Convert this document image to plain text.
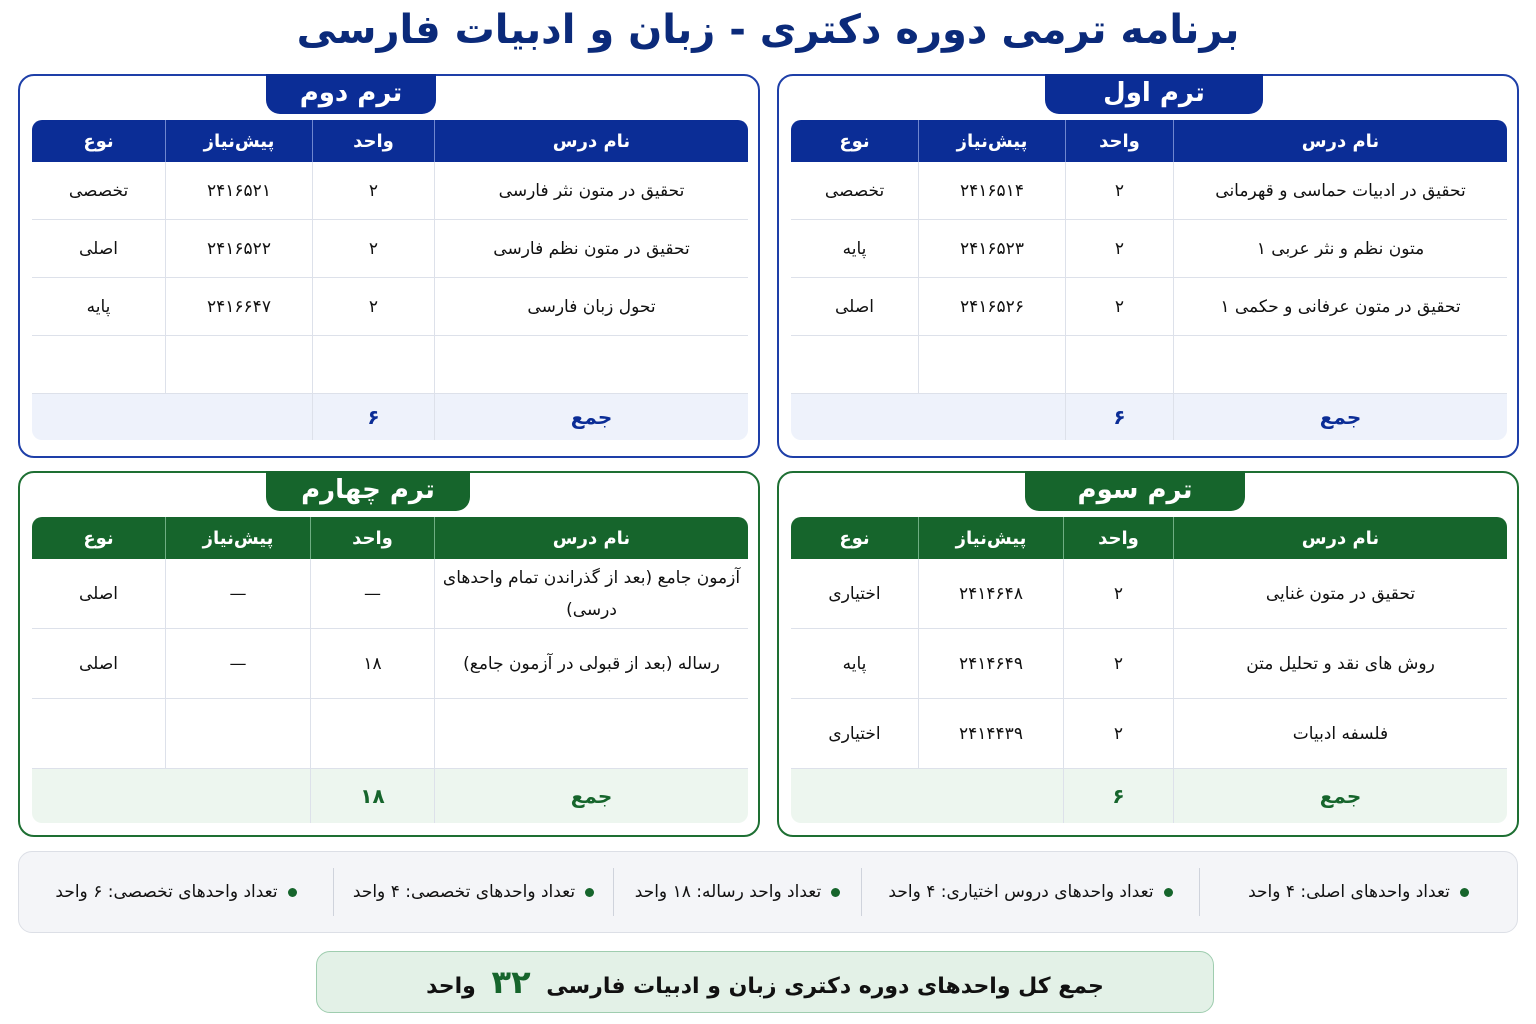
برنامه ترمی دوره دکتری - زبان و ادبیات فارسی
ترم اول
نام درس	واحد	پیش‌نیاز	نوع
تحقیق در ادبیات حماسی و قهرمانی	۲	۲۴۱۶۵۱۴	تخصصی
متون نظم و نثر عربی ۱	۲	۲۴۱۶۵۲۳	پایه
تحقیق در متون عرفانی و حکمی ۱	۲	۲۴۱۶۵۲۶	اصلی

جمع	۶		
ترم دوم
نام درس	واحد	پیش‌نیاز	نوع
تحقیق در متون نثر فارسی	۲	۲۴۱۶۵۲۱	تخصصی
تحقیق در متون نظم فارسی	۲	۲۴۱۶۵۲۲	اصلی
تحول زبان فارسی	۲	۲۴۱۶۶۴۷	پایه

جمع	۶		
ترم سوم
نام درس	واحد	پیش‌نیاز	نوع
تحقیق در متون غنایی	۲	۲۴۱۴۶۴۸	اختیاری
روش های نقد و تحلیل متن	۲	۲۴۱۴۶۴۹	پایه
فلسفه ادبیات	۲	۲۴۱۴۴۳۹	اختیاری
جمع	۶		
ترم چهارم
نام درس	واحد	پیش‌نیاز	نوع
آزمون جامع (بعد از گذراندن تمام واحدهای درسی)	—	—	اصلی
رساله (بعد از قبولی در آزمون جامع)	۱۸	—	اصلی

جمع	۱۸		
تعداد واحدهای اصلی: ۴ واحد
تعداد واحدهای دروس اختیاری: ۴ واحد
تعداد واحد رساله: ۱۸ واحد
تعداد واحدهای تخصصی: ۴ واحد
تعداد واحدهای تخصصی: ۶ واحد
جمع کل واحدهای دوره دکتری زبان و ادبیات فارسی ۳۲ واحد
